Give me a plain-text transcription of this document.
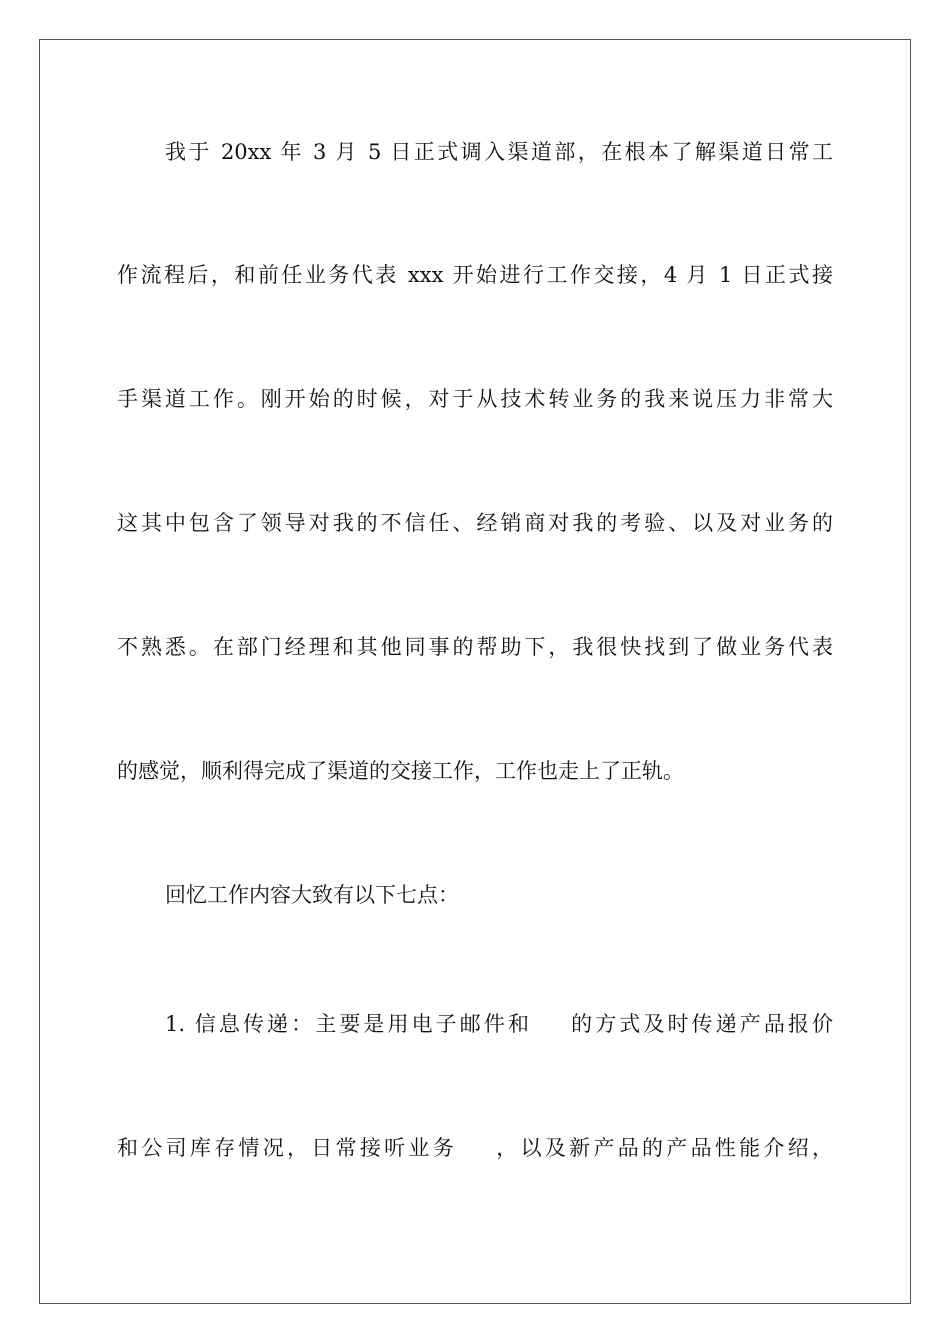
我于 20xx 年 3 月 5 日正式调入渠道部，在根本了解渠道日常工
作流程后，和前任业务代表 xxx 开始进行工作交接，4 月 1 日正式接
手渠道工作。刚开始的时候，对于从技术转业务的我来说压力非常大
这其中包含了领导对我的不信任、经销商对我的考验、以及对业务的
不熟悉。在部门经理和其他同事的帮助下，我很快找到了做业务代表
的感觉，顺利得完成了渠道的交接工作，工作也走上了正轨。
回忆工作内容大致有以下七点：
1. 信息传递：主要是用电子邮件和 的方式及时传递产品报价
和公司库存情况，日常接听业务 ，以及新产品的产品性能介绍，
